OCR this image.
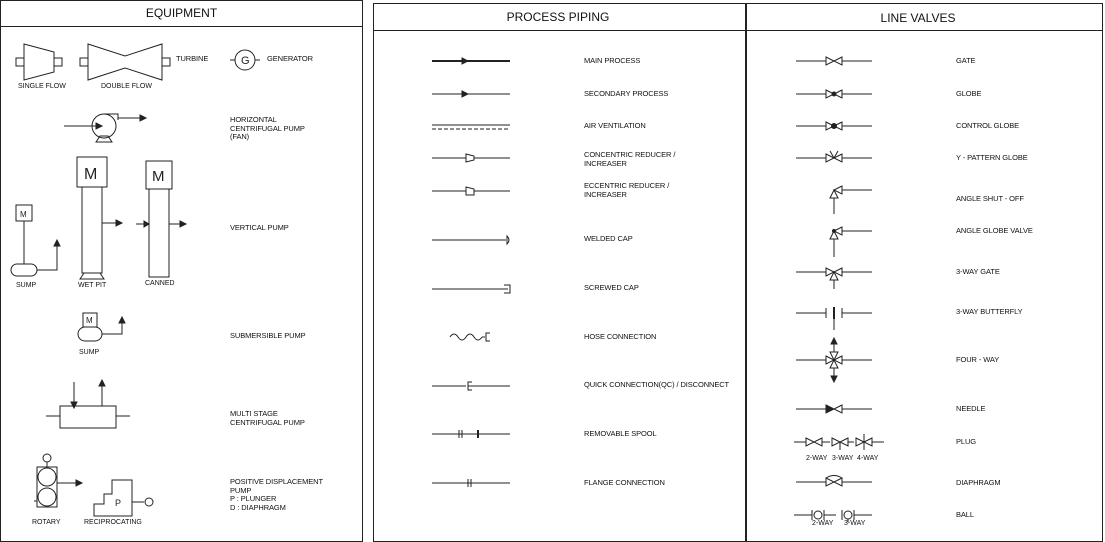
EQUIPMENT
SINGLE FLOW	DOUBLE FLOW
TURBINE	G GENERATOR
HORIZONTAL
CENTRIFUGAL PUMP
(FAN)
M
SUMP
M
WET PIT
M
CANNED
VERTICAL PUMP
M
SUMP
SUBMERSIBLE PUMP
MULTI STAGE
CENTRIFUGAL PUMP
ROTARY
P
RECIPROCATING
POSITIVE DISPLACEMENT
PUMP
P : PLUNGER
D : DIAPHRAGM
PROCESS PIPING
MAIN PROCESS
SECONDARY PROCESS
AIR VENTILATION
CONCENTRIC REDUCER /
INCREASER
ECCENTRIC REDUCER /
INCREASER
WELDED CAP
SCREWED CAP
HOSE CONNECTION
QUICK CONNECTION(QC) / DISCONNECT
REMOVABLE SPOOL
FLANGE CONNECTION
LINE VALVES
2-WAY 3-WAY 4-WAY
2-WAY 3-WAY
GATE
GLOBE
CONTROL GLOBE
Y - PATTERN GLOBE
ANGLE SHUT - OFF
ANGLE GLOBE VALVE
3-WAY GATE
3-WAY BUTTERFLY
FOUR - WAY
NEEDLE
PLUG
DIAPHRAGM
BALL
